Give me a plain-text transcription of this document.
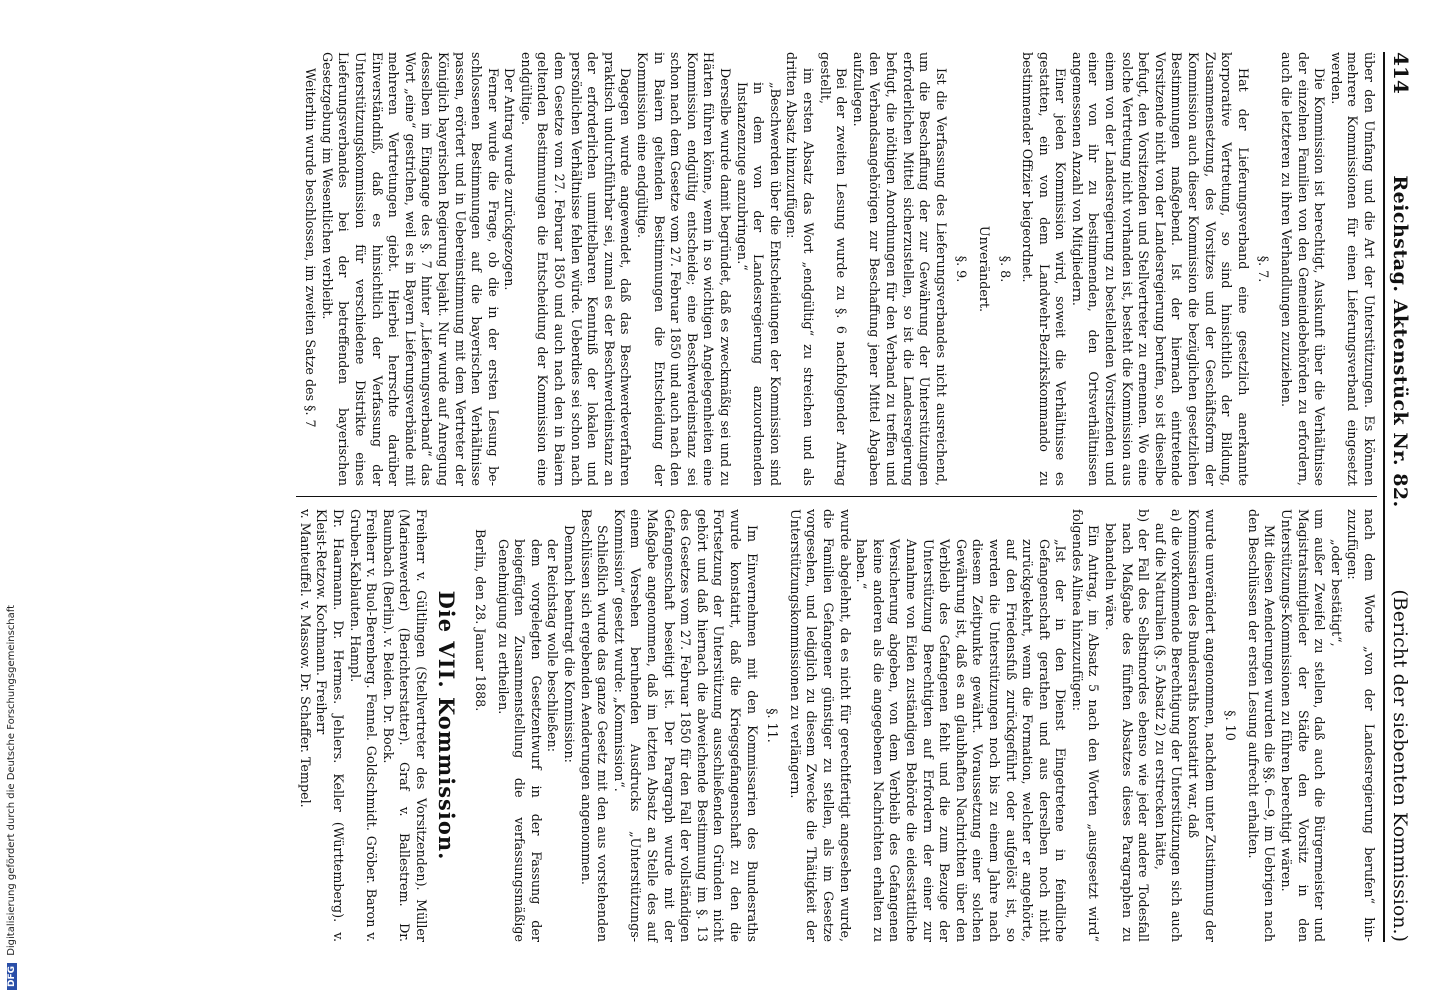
414
Reichstag. Aktenstück Nr. 82.
(Bericht der siebenten Kommission.)

über den Umfang und die Art der Unterstützungen. Es können mehrere Kommissionen für einen Lieferungsverband eingesetzt werden.

Die Kommission ist berechtigt, Auskunft über die Verhältnisse der einzelnen Familien von den Gemeindebehörden zu erfordern, auch die letzteren zu ihren Verhandlungen zuzuziehen.

§. 7.

Hat der Lieferungsverband eine gesetzlich anerkannte korporative Vertretung, so sind hinsichtlich der Bildung, Zusammensetzung, des Vorsitzes und der Geschäftsform der Kommission auch dieser Kommission die bezüglichen gesetzlichen Bestimmungen maßgebend. Ist der hiernach eintretende Vorsitzende nicht von der Landesregierung berufen, so ist dieselbe befugt, den Vorsitzenden und Stellvertreter zu ernennen. Wo eine solche Vertretung nicht vorhanden ist, besteht die Kommission aus einem von der Landesregierung zu bestellenden Vorsitzenden und einer von ihr zu bestimmenden, den Ortsverhältnissen angemessenen Anzahl von Mitgliedern.

Einer jeden Kommission wird, soweit die Verhältnisse es gestatten, ein von dem Landwehr-Bezirkskommando zu bestimmender Offizier beigeordnet.

§. 8.
Unverändert.
§. 9.

Ist die Verfassung des Lieferungsverbandes nicht ausreichend, um die Beschaffung der zur Gewährung der Unterstützungen erforderlichen Mittel sicherzustellen, so ist die Landesregierung befugt, die nöthigen Anordnungen für den Verband zu treffen und den Verbandsangehörigen zur Beschaffung jener Mittel Abgaben aufzulegen.

Bei der zweiten Lesung wurde zu §. 6 nachfolgender Antrag gestellt,

im ersten Absatz das Wort „endgültig“ zu streichen und als dritten Absatz hinzuzufügen:

„Beschwerden über die Entscheidungen der Kommission sind in dem von der Landesregierung anzuordnenden Instanzenzuge anzubringen.“

Derselbe wurde damit begründet, daß es zweckmäßig sei und zu Härten führen könne, wenn in so wichtigen Angelegenheiten eine Kommission endgültig entscheide; eine Beschwerdeinstanz sei schon nach dem Gesetze vom 27. Februar 1850 und auch nach den in Baiern geltenden Bestimmungen die Entscheidung der Kommission eine endgültige.

Dagegen wurde angewendet, daß das Beschwerdeverfahren praktisch undurchführbar sei, zumal es der Beschwerdeinstanz an der erforderlichen unmittelbaren Kenntniß der lokalen und persönlichen Verhältnisse fehlen würde. Ueberdies sei schon nach dem Gesetze vom 27. Februar 1850 und auch nach den in Baiern geltenden Bestimmungen die Entscheidung der Kommission eine endgültige.

Der Antrag wurde zurückgezogen.

Ferner wurde die Frage, ob die in der ersten Lesung beschlossenen Bestimmungen auf die bayerischen Verhältnisse passen, erörtert und in Uebereinstimmung mit dem Vertreter der Königlich bayerischen Regierung bejaht. Nur wurde auf Anregung desselben im Eingange des §. 7 hinter „Lieferungsverband“ das Wort „eine“ gestrichen, weil es in Bayern Lieferungsverbände mit mehreren Vertretungen giebt. Hierbei herrschte darüber Einverständniß, daß es hinsichtlich der Verfassung der Unterstützungskommission für verschiedene Distrikte eines Lieferungsverbandes bei der betreffenden bayerischen Gesetzgebung im Wesentlichen verbleibt.

Weiterhin wurde beschlossen, im zweiten Satze des §. 7

nach dem Worte „von der Landesregierung berufen“ hinzuzufügen:

„oder bestätigt“,

um außer Zweifel zu stellen, daß auch die Bürgermeister und Magistratsmitglieder der Städte den Vorsitz in den Unterstützungs-Kommissionen zu führen berechtigt wären.

Mit diesen Aenderungen wurden die §§. 6—9, im Uebrigen nach den Beschlüssen der ersten Lesung aufrecht erhalten.

§. 10

wurde unverändert angenommen, nachdem unter Zustimmung der Kommissarien des Bundesraths konstatirt war, daß

a) die vorkommende Berechtigung der Unterstützungen sich auch auf die Naturalien (§. 5 Absatz 2) zu erstrecken hätte,

b) der Fall des Selbstmordes ebenso wie jeder andere Todesfall nach Maßgabe des fünften Absatzes dieses Paragraphen zu behandeln wäre.

Ein Antrag, im Absatz 5 nach den Worten „ausgesetzt wird“ folgendes Alinea hinzuzufügen:

„Ist der in den Dienst Eingetretene in feindliche Gefangenschaft gerathen und aus derselben noch nicht zurückgekehrt, wenn die Formation, welcher er angehörte, auf den Friedensfuß zurückgeführt oder aufgelöst ist, so werden die Unterstützungen noch bis zu einem Jahre nach diesem Zeitpunkte gewährt. Voraussetzung einer solchen Gewährung ist, daß es an glaubhaften Nachrichten über den Verbleib des Gefangenen fehlt und die zum Bezuge der Unterstützung Berechtigten auf Erfordern der einer zur Annahme von Eiden zuständigen Behörde die eidesstattliche Versicherung abgeben, von dem Verbleib des Gefangenen keine anderen als die angegebenen Nachrichten erhalten zu haben.“

wurde abgelehnt, da es nicht für gerechtfertigt angesehen wurde, die Familien Gefangener günstiger zu stellen, als im Gesetze vorgesehen, und lediglich zu diesem Zwecke die Thätigkeit der Unterstützungskommissionen zu verlängern.

§. 11.

Im Einvernehmen mit den Kommissarien des Bundesraths wurde konstatirt, daß die Kriegsgefangenschaft zu den die Fortsetzung der Unterstützung ausschließenden Gründen nicht gehört und daß hiernach die abweichende Bestimmung im §. 13 des Gesetzes vom 27. Februar 1850 für den Fall der vollständigen Gefangenschaft beseitigt ist. Der Paragraph wurde mit der Maßgabe angenommen, daß im letzten Absatz an Stelle des auf einem Versehen beruhenden Ausdrucks „Unterstützungs-Kommission“ gesetzt wurde: „Kommission“.

Schließlich wurde das ganze Gesetz mit den aus vorstehenden Beschlüssen sich ergebenden Aenderungen angenommen.

Demnach beantragt die Kommission:

der Reichstag wolle beschließen:

dem vorgelegten Gesetzentwurf in der Fassung der beigefügten Zusammenstellung die verfassungsmäßige Genehmigung zu ertheilen.

Berlin, den 28. Januar 1888.

Die VII. Kommission.

Freiherr v. Gültlingen (Stellvertreter des Vorsitzenden). Müller (Marienwerder) (Berichterstatter). Graf v. Ballestrem. Dr. Baumbach (Berlin). v. Beiden. Dr. Bock.

Freiherr v. Buol-Berenberg. Fennel. Goldschmidt. Gröber. Baron v. Gruben-Kablauten. Hampl.

Dr. Haarmann. Dr. Hermes. Jehlers. Keller (Württemberg). v. Kleist-Retzow. Kochmann. Freiherr

v. Manteuffel. v. Massow. Dr. Schaffer. Tempel.

DFG Digitalisierung gefördert durch die Deutsche Forschungsgemeinschaft
